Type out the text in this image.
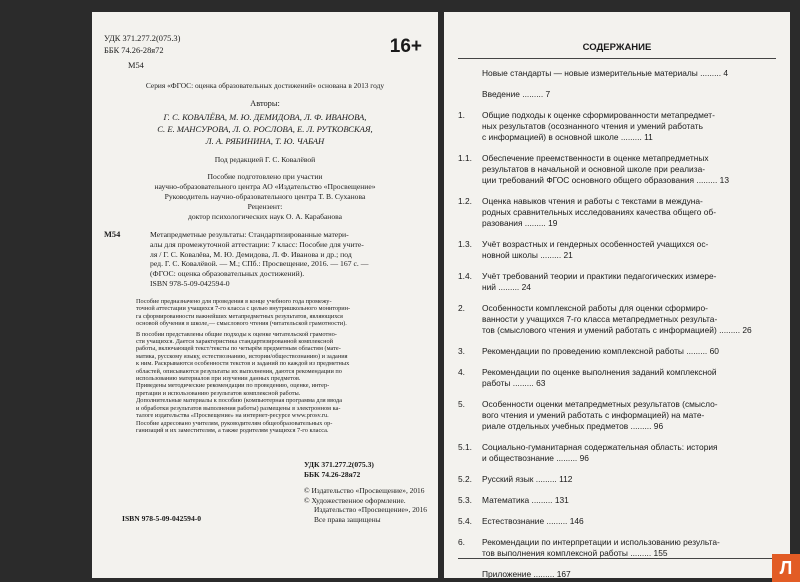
УДК 371.277.2(075.3)
ББК 74.26-28я72
М54
16+
Серия «ФГОС: оценка образовательных достижений» основана в 2013 году
Авторы:
Г. С. КОВАЛЁВА, М. Ю. ДЕМИДОВА, Л. Ф. ИВАНОВА,
С. Е. МАНСУРОВА, Л. О. РОСЛОВА, Е. Л. РУТКОВСКАЯ,
Л. А. РЯБИНИНА, Т. Ю. ЧАБАН
Под редакцией Г. С. Ковалёвой
Пособие подготовлено при участии
научно-образовательного центра АО «Издательство «Просвещение»
Руководитель научно-образовательного центра Т. В. Суханова
Рецензент:
доктор психологических наук О. А. Карабанова
М54	Метапредметные результаты: Стандартизированные матери-
алы для промежуточной аттестации: 7 класс: Пособие для учите-
ля / Г. С. Ковалёва, М. Ю. Демидова, Л. Ф. Иванова и др.; под
ред. Г. С. Ковалёвой. — М.; СПб.: Просвещение, 2016. — 167 с. —
(ФГОС: оценка образовательных достижений).
ISBN 978-5-09-042594-0
Пособие предназначено для проведения в конце учебного года промежу-
точной аттестации учащихся 7-го класса с целью внутришкольного мониторин-
га сформированности важнейших метапредметных результатов, являющихся
основой обучения в школе,— смыслового чтения (читательской грамотности).
В пособии представлены общие подходы к оценке читательской грамотно-
сти учащихся. Дается характеристика стандартизированной комплексной
работы, включающей текст/тексты по четырём предметным областям (мате-
матика, русскому языку, естествознанию, истории/обществознанию) и задания
к ним. Раскрываются особенности текстов и заданий по каждой из предметных
областей, описываются результаты их выполнения, даются рекомендации по
использованию материалов при изучении данных предметов.
Приведены методические рекомендации по проведению, оценке, интер-
претации и использованию результатов комплексной работы.
Дополнительные материалы к пособию (компьютерная программа для ввода
и обработки результатов выполнения работы) размещены в электронном ка-
талоге издательства «Просвещение» на интернет-ресурсе www.prosv.ru.
Пособие адресовано учителям, руководителям общеобразовательных ор-
ганизаций и их заместителям, а также родителям учащихся 7-го класса.
УДК 371.277.2(075.3)
ББК 74.26-28я72
© Издательство «Просвещение», 2016
© Художественное оформление.
Издательство «Просвещение», 2016
Все права защищены
ISBN 978-5-09-042594-0
СОДЕРЖАНИЕ
Новые стандарты — новые измерительные материалы ......... 4
Введение ......... 7
1.	Общие подходы к оценке сформированности метапредмет-
ных результатов (осознанного чтения и умений работать
с информацией) в основной школе ......... 11
1.1.	Обеспечение преемственности в оценке метапредметных
результатов в начальной и основной школе при реализа-
ции требований ФГОС основного общего образования ......... 13
1.2.	Оценка навыков чтения и работы с текстами в междуна-
родных сравнительных исследованиях качества общего об-
разования ......... 19
1.3.	Учёт возрастных и гендерных особенностей учащихся ос-
новной школы ......... 21
1.4.	Учёт требований теории и практики педагогических измере-
ний ......... 24
2.	Особенности комплексной работы для оценки сформиро-
ванности у учащихся 7-го класса метапредметных результа-
тов (смыслового чтения и умений работать с информацией) ......... 26
3.	Рекомендации по проведению комплексной работы ......... 60
4.	Рекомендации по оценке выполнения заданий комплексной
работы ......... 63
5.	Особенности оценки метапредметных результатов (смысло-
вого чтения и умений работать с информацией) на мате-
риале отдельных учебных предметов ......... 96
5.1.	Социально-гуманитарная содержательная область: история
и обществознание ......... 96
5.2.	Русский язык ......... 112
5.3.	Математика ......... 131
5.4.	Естествознание ......... 146
6.	Рекомендации по интерпретации и использованию результа-
тов выполнения комплексной работы ......... 155
Приложение ......... 167	Л
